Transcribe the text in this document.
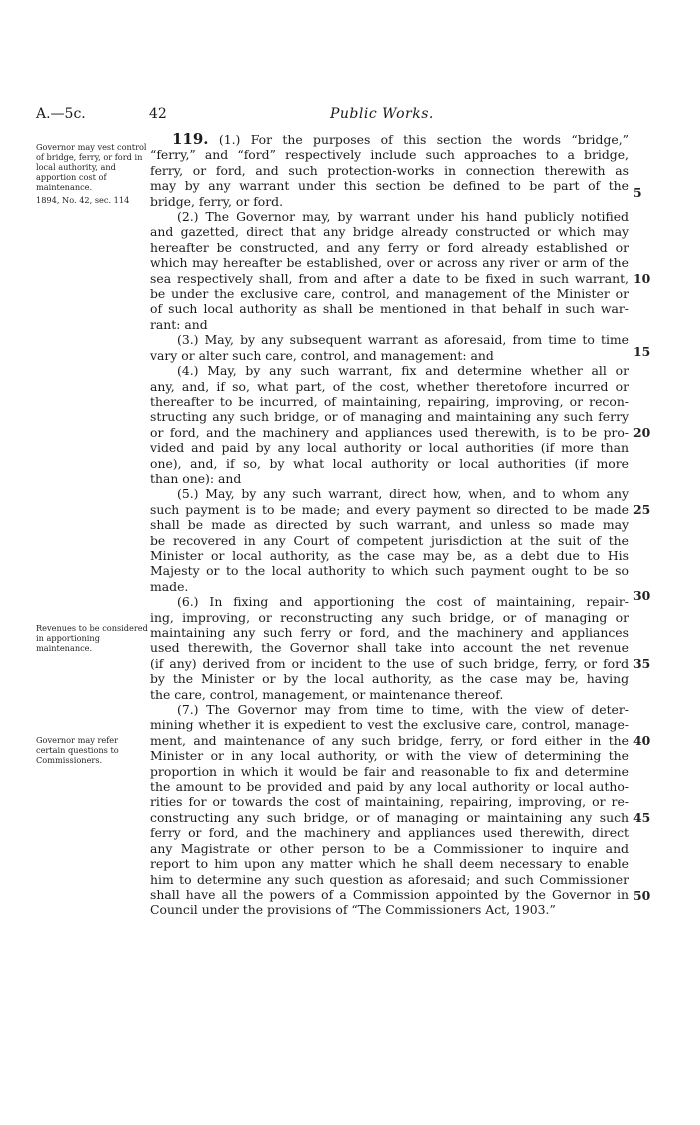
A.—5c.	42	Public Works.
Governor may vest control of bridge, ferry, or ford in local authority, and apportion cost of maintenance.
1894, No. 42, sec. 114
Revenues to be considered in apportioning maintenance.
Governor may refer certain questions to Commissioners.
119. (1.) For the purposes of this section the words “bridge,”
“ferry,” and “ford” respectively include such approaches to a bridge,
ferry, or ford, and such protection-works in connection therewith as
may by any warrant under this section be defined to be part of the
bridge, ferry, or ford.
(2.) The Governor may, by warrant under his hand publicly notified
and gazetted, direct that any bridge already constructed or which may
hereafter be constructed, and any ferry or ford already established or
which may hereafter be established, over or across any river or arm of the
sea respectively shall, from and after a date to be fixed in such warrant,
be under the exclusive care, control, and management of the Minister or
of such local authority as shall be mentioned in that behalf in such war-
rant: and
(3.) May, by any subsequent warrant as aforesaid, from time to time
vary or alter such care, control, and management: and
(4.) May, by any such warrant, fix and determine whether all or
any, and, if so, what part, of the cost, whether theretofore incurred or
thereafter to be incurred, of maintaining, repairing, improving, or recon-
structing any such bridge, or of managing and maintaining any such ferry
or ford, and the machinery and appliances used therewith, is to be pro-
vided and paid by any local authority or local authorities (if more than
one), and, if so, by what local authority or local authorities (if more
than one): and
(5.) May, by any such warrant, direct how, when, and to whom any
such payment is to be made; and every payment so directed to be made
shall be made as directed by such warrant, and unless so made may
be recovered in any Court of competent jurisdiction at the suit of the
Minister or local authority, as the case may be, as a debt due to His
Majesty or to the local authority to which such payment ought to be so
made.
(6.) In fixing and apportioning the cost of maintaining, repair-
ing, improving, or reconstructing any such bridge, or of managing or
maintaining any such ferry or ford, and the machinery and appliances
used therewith, the Governor shall take into account the net revenue
(if any) derived from or incident to the use of such bridge, ferry, or ford
by the Minister or by the local authority, as the case may be, having
the care, control, management, or maintenance thereof.
(7.) The Governor may from time to time, with the view of deter-
mining whether it is expedient to vest the exclusive care, control, manage-
ment, and maintenance of any such bridge, ferry, or ford either in the
Minister or in any local authority, or with the view of determining the
proportion in which it would be fair and reasonable to fix and determine
the amount to be provided and paid by any local authority or local autho-
rities for or towards the cost of maintaining, repairing, improving, or re-
constructing any such bridge, or of managing or maintaining any such
ferry or ford, and the machinery and appliances used therewith, direct
any Magistrate or other person to be a Commissioner to inquire and
report to him upon any matter which he shall deem necessary to enable
him to determine any such question as aforesaid; and such Commissioner
shall have all the powers of a Commission appointed by the Governor in
Council under the provisions of “The Commissioners Act, 1903.”
5
10
15
20
25
30
35
40
45
50
